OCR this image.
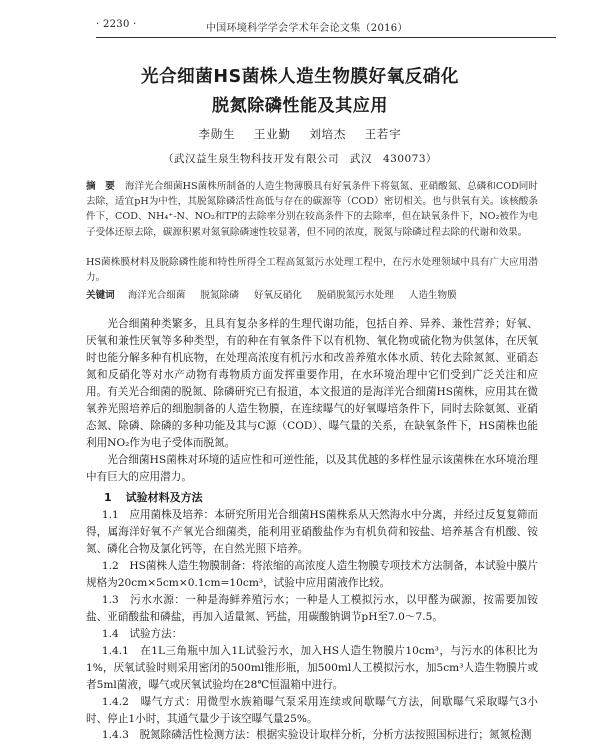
· 2230 ·	中国环境科学学会学术年会论文集（2016）
光合细菌HS菌株人造生物膜好氧反硝化
脱氮除磷性能及其应用
李勋生 王业勤 刘培杰 王若宇
（武汉益生泉生物科技开发有限公司　武汉　430073）
摘　要 海洋光合细菌HS菌株所制备的人造生物薄膜具有好氧条件下将氨氮、亚硝酸氮、总磷和COD同时去除，适宜pH为中性，其脱氮除磷活性高低与存在的碳源等（COD）密切相关。也与供氧有关。该核酸条件下，COD、NH₄⁺-N、NO₂和TP的去除率分别在较高条件下的去除率，但在缺氧条件下，NO₂被作为电子受体还原去除，碳源积累对氮氧除磷速性较显著，但不同的浓度，脱氮与除磷过程去除的代谢和效果。
HS菌株膜材料及脱除磷性能和特性所得全工程高氮氮污水处理工程中，在污水处理领域中具有广大应用潜力。
关键词 海洋光合细菌 脱氮除磷 好氧反硝化 脱硝脱氮污水处理 人造生物膜
光合细菌种类繁多，且具有复杂多样的生理代谢功能，包括自养、异养、兼性营养；好氧、厌氧和兼性厌氧等多种类型，有的种在有氧条件下以有机物、氧化物或硫化物为供氢体，在厌氧时也能分解多种有机底物，在处理高浓度有机污水和改善养殖水体水质、转化去除氮氮、亚硝态氮和反硝化等对水产动物有毒物质方面发挥重要作用，在水环境治理中它们受到广泛关注和应用。 有关光合细菌的脱氮、除磷研究已有报道，本文报道的是海洋光合细菌HS菌株，应用其在微氧养光照培养后的细胞制备的人造生物膜，在连续曝气的好氧曝培条件下，同时去除氨氮、亚硝态氮、除磷、除磷的多种功能及其与C源（COD）、曝气量的关系，在缺氧条件下，HS菌株也能利用NO₂作为电子受体而脱氮。
光合细菌HS菌株对环境的适应性和可逆性能，以及其优越的多样性显示该菌株在水环境治理中有巨大的应用潜力。
1 试验材料及方法
1.1　应用菌株及培养：本研究所用光合细菌HS菌株系从天然海水中分离，并经过反复复筛而得，属海洋好氧不产氧光合细菌类，能利用亚硝酸盐作为有机负荷和铵盐、培养基含有机酸、铵氮、磷化合物及氯化钙等，在自然光照下培养。
1.2　HS菌株人造生物膜制备：将浓缩的高浓度人造生物膜专项技术方法制备，本试验中膜片规格为20cm×5cm×0.1cm=10cm³，试验中应用菌液作比较。
1.3　污水水源：一种是海鲜养殖污水；一种是人工模拟污水，以甲醛为碳源，按需要加铵盐、亚硝酸盐和磷盐，再加入适量氮、钙盐，用碳酸钠调节pH至7.0～7.5。
1.4　试验方法：
1.4.1　在1L三角瓶中加入1L试验污水，加入HS人造生物膜片10cm³，与污水的体积比为1%，厌氧试验时则采用密闭的500ml锥形瓶，加500ml人工模拟污水，加5cm³人造生物膜片或者5ml菌液，曝气或厌氧试验均在28℃恒温箱中进行。
1.4.2　曝气方式：用微型水族箱曝气泵采用连续或间歇曝气方法，间歇曝气采取曝气3小时、停止1小时，其通气量少于该空曝气量25%。
1.4.3　脱氮除磷活性检测方法：根据实验设计取样分析，分析方法按照国标进行；氮氮检测
